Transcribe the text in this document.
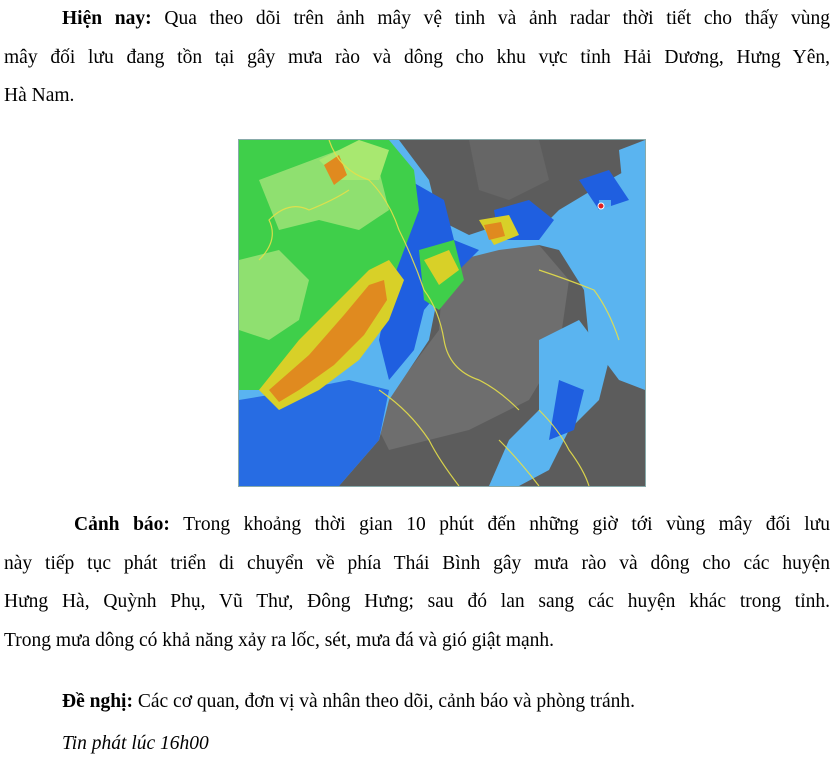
Hiện nay: Qua theo dõi trên ảnh mây vệ tinh và ảnh radar thời tiết cho thấy vùng
mây đối lưu đang tồn tại gây mưa rào và dông cho khu vực tỉnh Hải Dương, Hưng Yên,
Hà Nam.
Cảnh báo: Trong khoảng thời gian 10 phút đến những giờ tới vùng mây đối lưu
này tiếp tục phát triển di chuyển về phía Thái Bình gây mưa rào và dông cho các huyện
Hưng Hà, Quỳnh Phụ, Vũ Thư, Đông Hưng; sau đó lan sang các huyện khác trong tỉnh.
Trong mưa dông có khả năng xảy ra lốc, sét, mưa đá và gió giật mạnh.
Đề nghị: Các cơ quan, đơn vị và nhân theo dõi, cảnh báo và phòng tránh.
Tin phát lúc 16h00
